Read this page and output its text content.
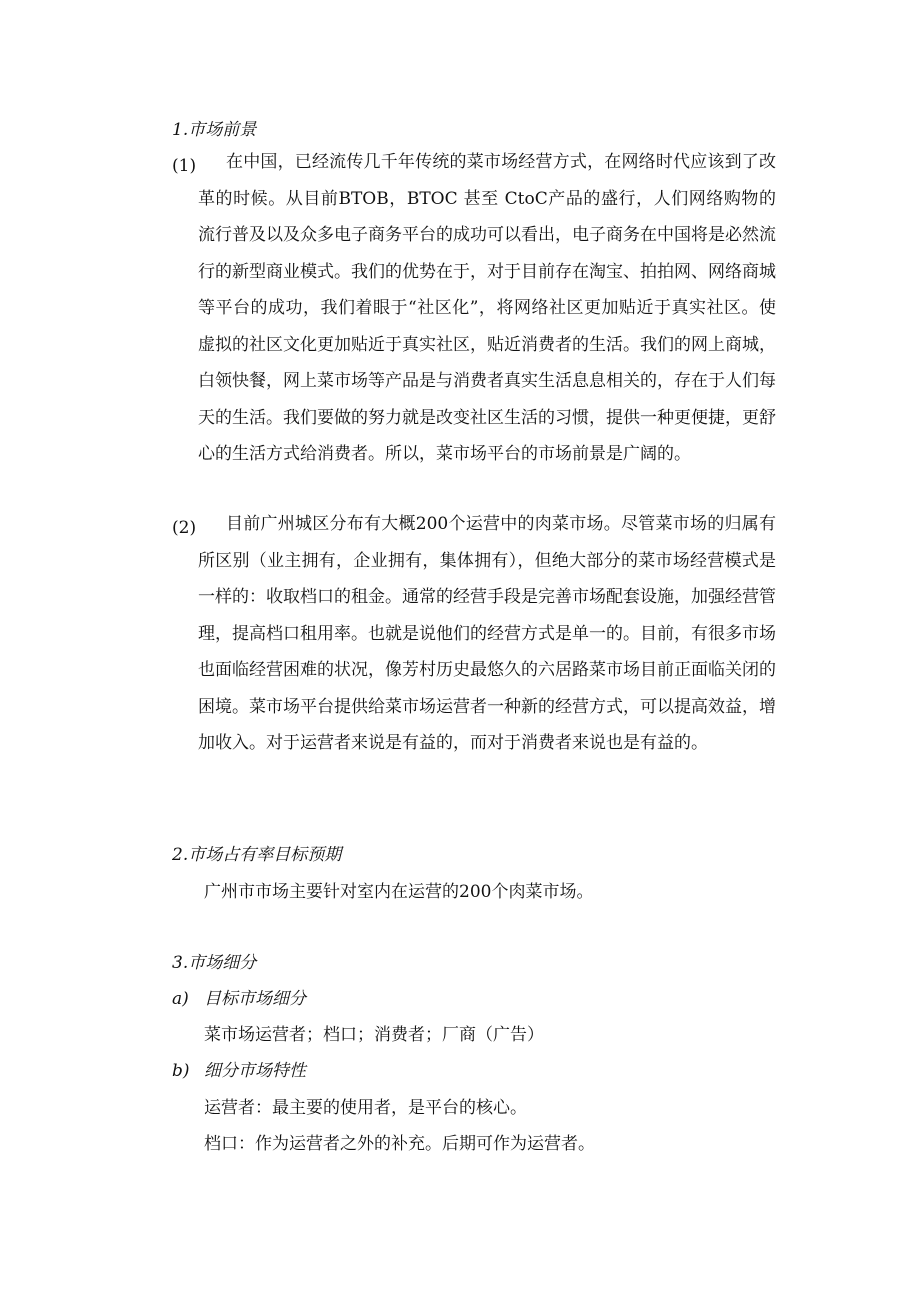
1.市场前景
(1)	在中国，已经流传几千年传统的菜市场经营方式，在网络时代应该到了改革的时候。从目前BTOB，BTOC 甚至 CtoC产品的盛行，人们网络购物的流行普及以及众多电子商务平台的成功可以看出，电子商务在中国将是必然流行的新型商业模式。我们的优势在于，对于目前存在淘宝、拍拍网、网络商城等平台的成功，我们着眼于“社区化”，将网络社区更加贴近于真实社区。使虚拟的社区文化更加贴近于真实社区，贴近消费者的生活。我们的网上商城，白领快餐，网上菜市场等产品是与消费者真实生活息息相关的，存在于人们每天的生活。我们要做的努力就是改变社区生活的习惯，提供一种更便捷，更舒心的生活方式给消费者。所以，菜市场平台的市场前景是广阔的。
(2)	目前广州城区分布有大概200个运营中的肉菜市场。尽管菜市场的归属有所区别（业主拥有，企业拥有，集体拥有），但绝大部分的菜市场经营模式是一样的：收取档口的租金。通常的经营手段是完善市场配套设施，加强经营管理，提高档口租用率。也就是说他们的经营方式是单一的。目前，有很多市场也面临经营困难的状况，像芳村历史最悠久的六居路菜市场目前正面临关闭的困境。菜市场平台提供给菜市场运营者一种新的经营方式，可以提高效益，增加收入。对于运营者来说是有益的，而对于消费者来说也是有益的。
2.市场占有率目标预期
广州市市场主要针对室内在运营的200个肉菜市场。
3.市场细分
a) 目标市场细分
菜市场运营者；档口；消费者；厂商（广告）
b) 细分市场特性
运营者：最主要的使用者，是平台的核心。
档口：作为运营者之外的补充。后期可作为运营者。
